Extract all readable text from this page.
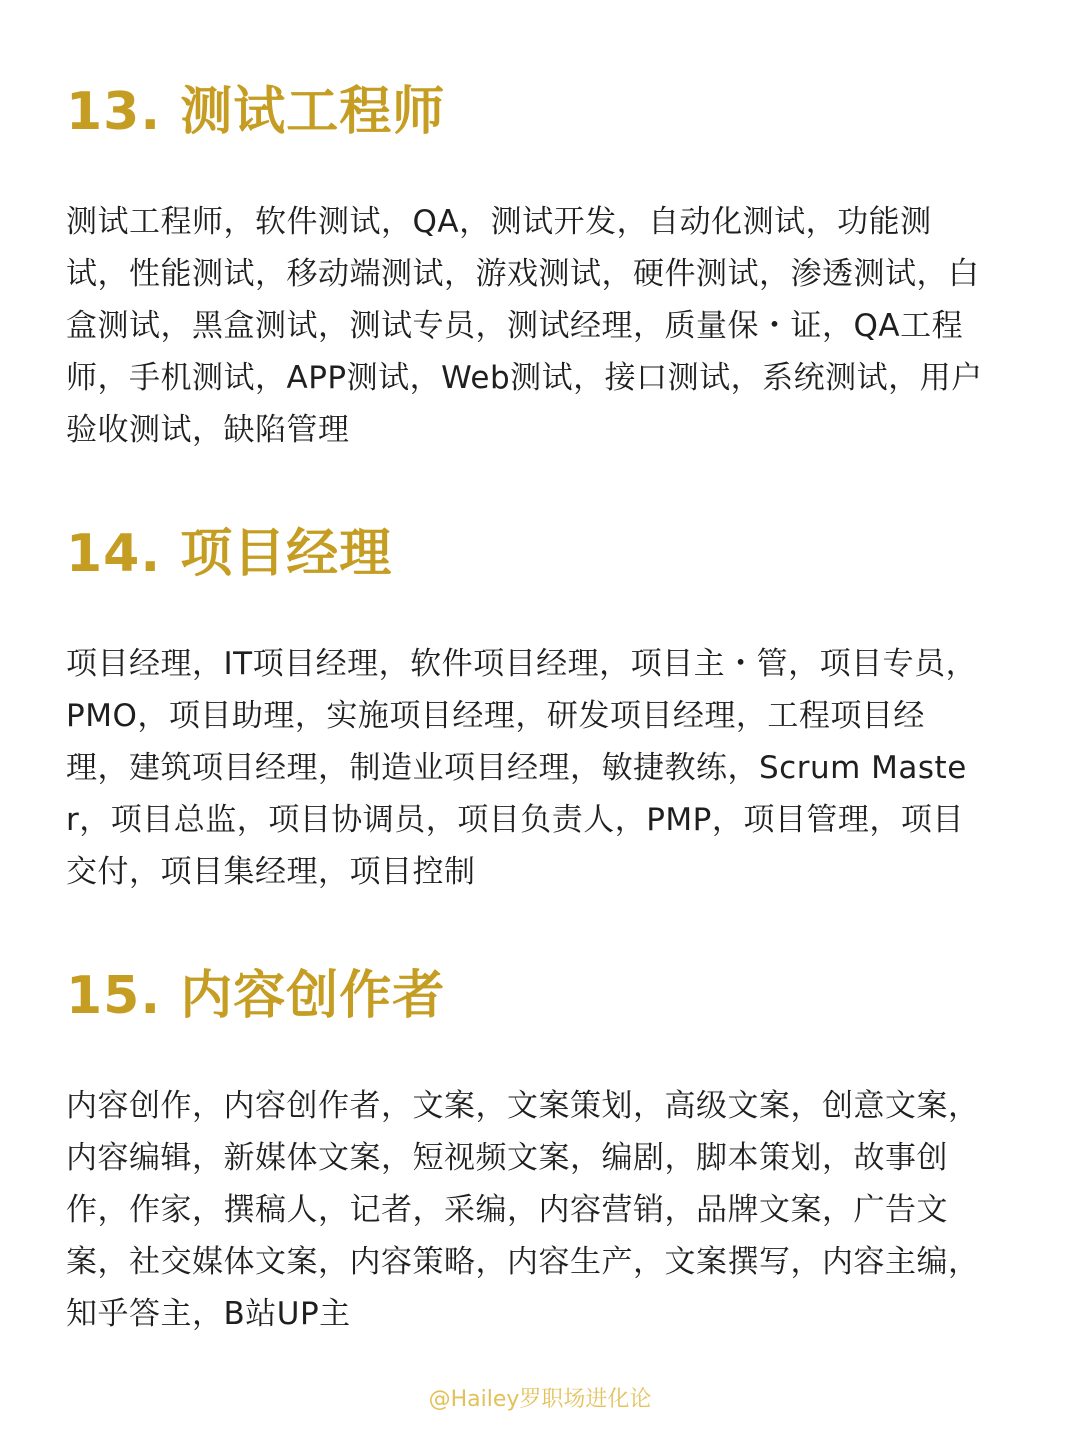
13. 测试工程师

测试工程师，软件测试，QA，测试开发，自动化测试，功能测试，性能测试，移动端测试，游戏测试，硬件测试，渗透测试，白盒测试，黑盒测试，测试专员，测试经理，质量保・证，QA工程师，手机测试，APP测试，Web测试，接口测试，系统测试，用户验收测试，缺陷管理

14. 项目经理

项目经理，IT项目经理，软件项目经理，项目主・管，项目专员，PMO，项目助理，实施项目经理，研发项目经理，工程项目经理，建筑项目经理，制造业项目经理，敏捷教练，Scrum Master，项目总监，项目协调员，项目负责人，PMP，项目管理，项目交付，项目集经理，项目控制

15. 内容创作者

内容创作，内容创作者，文案，文案策划，高级文案，创意文案，内容编辑，新媒体文案，短视频文案，编剧，脚本策划，故事创作，作家，撰稿人，记者，采编，内容营销，品牌文案，广告文案，社交媒体文案，内容策略，内容生产，文案撰写，内容主编，知乎答主，B站UP主

@Hailey罗职场进化论
